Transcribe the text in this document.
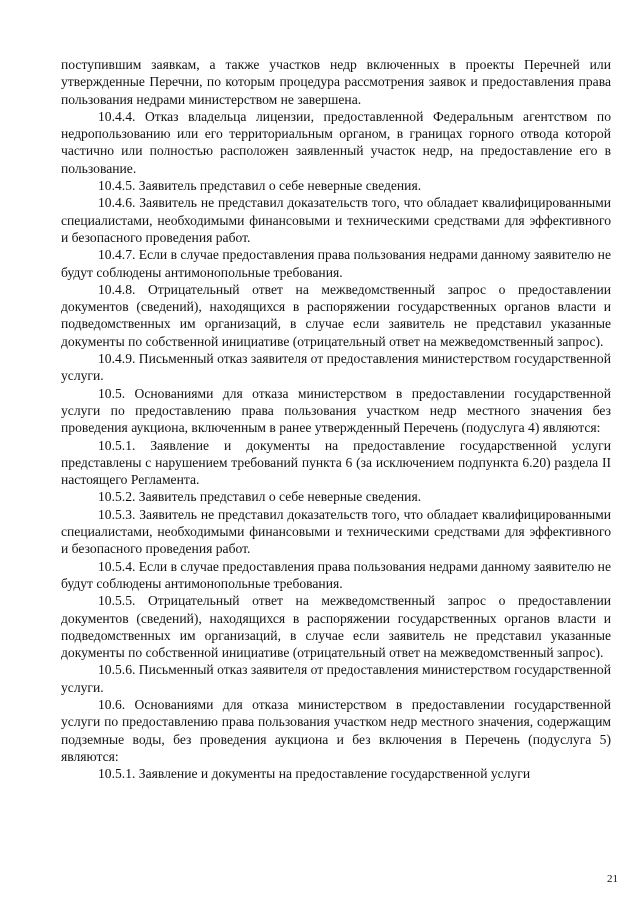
поступившим заявкам, а также участков недр включенных в проекты Перечней или утвержденные Перечни, по которым процедура рассмотрения заявок и предоставления права пользования недрами министерством не завершена.

10.4.4. Отказ владельца лицензии, предоставленной Федеральным агентством по недропользованию или его территориальным органом, в границах горного отвода которой частично или полностью расположен заявленный участок недр, на предоставление его в пользование.

10.4.5. Заявитель представил о себе неверные сведения.

10.4.6. Заявитель не представил доказательств того, что обладает квалифицированными специалистами, необходимыми финансовыми и техническими средствами для эффективного и безопасного проведения работ.

10.4.7. Если в случае предоставления права пользования недрами данному заявителю не будут соблюдены антимонопольные требования.

10.4.8. Отрицательный ответ на межведомственный запрос о предоставлении документов (сведений), находящихся в распоряжении государственных органов власти и подведомственных им организаций, в случае если заявитель не представил указанные документы по собственной инициативе (отрицательный ответ на межведомственный запрос).

10.4.9. Письменный отказ заявителя от предоставления министерством государственной услуги.

10.5. Основаниями для отказа министерством в предоставлении государственной услуги по предоставлению права пользования участком недр местного значения без проведения аукциона, включенным в ранее утвержденный Перечень (подуслуга 4) являются:

10.5.1. Заявление и документы на предоставление государственной услуги представлены с нарушением требований пункта 6 (за исключением подпункта 6.20) раздела II настоящего Регламента.

10.5.2. Заявитель представил о себе неверные сведения.

10.5.3. Заявитель не представил доказательств того, что обладает квалифицированными специалистами, необходимыми финансовыми и техническими средствами для эффективного и безопасного проведения работ.

10.5.4. Если в случае предоставления права пользования недрами данному заявителю не будут соблюдены антимонопольные требования.

10.5.5. Отрицательный ответ на межведомственный запрос о предоставлении документов (сведений), находящихся в распоряжении государственных органов власти и подведомственных им организаций, в случае если заявитель не представил указанные документы по собственной инициативе (отрицательный ответ на межведомственный запрос).

10.5.6. Письменный отказ заявителя от предоставления министерством государственной услуги.

10.6. Основаниями для отказа министерством в предоставлении государственной услуги по предоставлению права пользования участком недр местного значения, содержащим подземные воды, без проведения аукциона и без включения в Перечень (подуслуга 5) являются:

10.5.1. Заявление и документы на предоставление государственной услуги

21
